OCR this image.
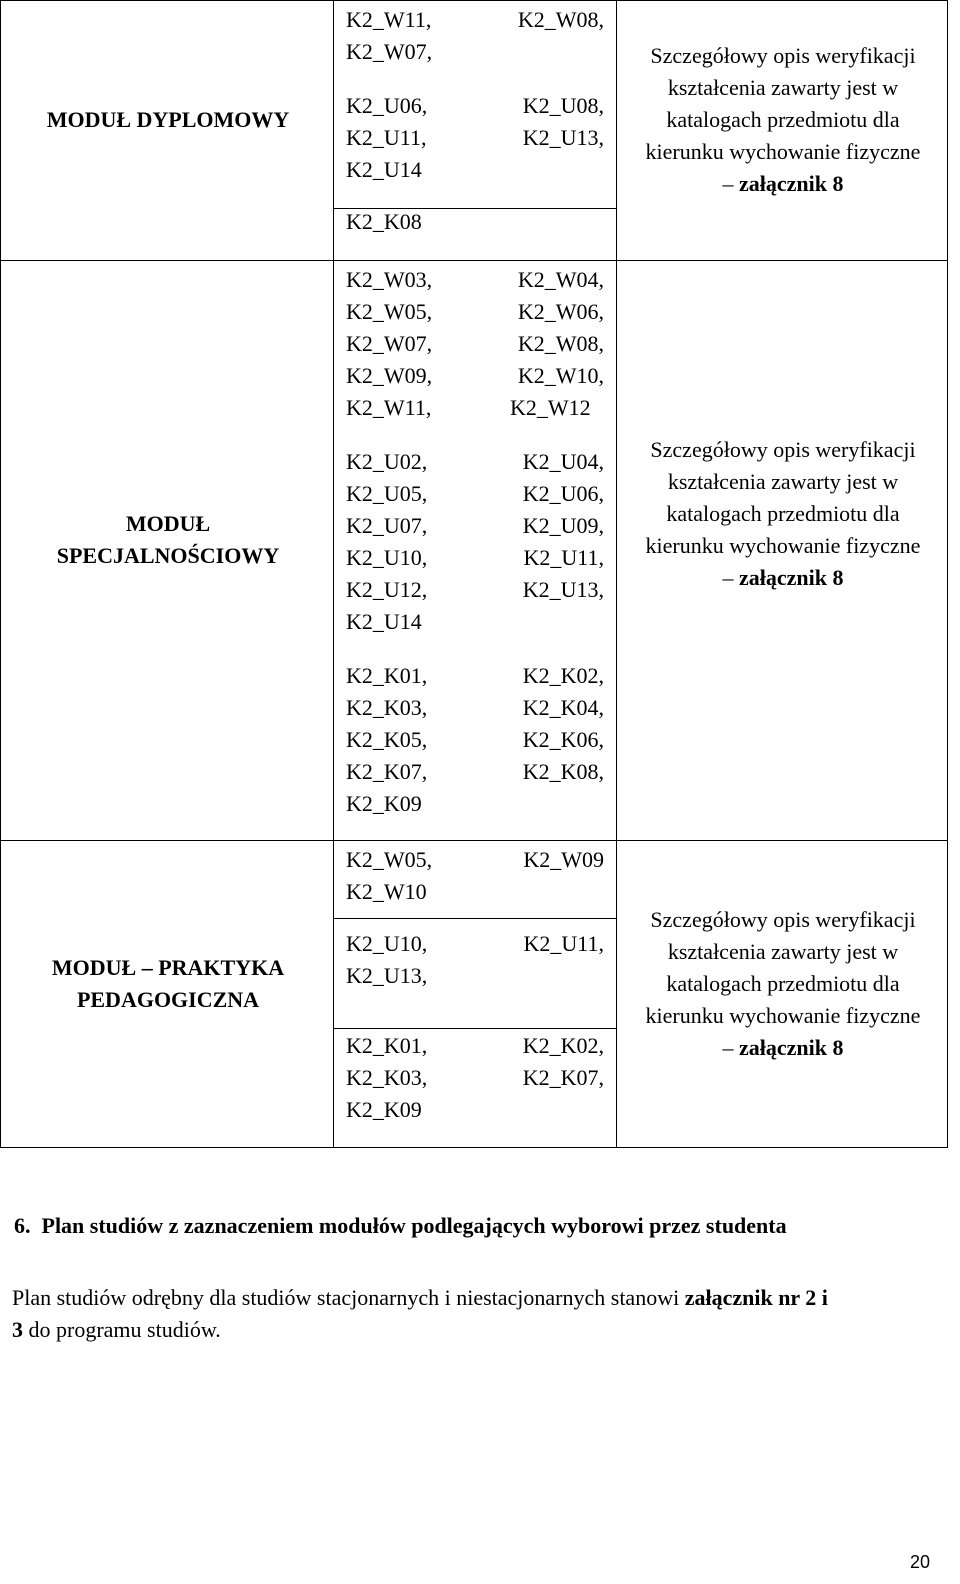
MODUŁ DYPLOMOWY
K2_W11,
K2_W07,
K2_W08,
K2_U06,
K2_U11,
K2_U14
K2_U08,
K2_U13,
K2_K08
Szczegółowy opis weryfikacji
kształcenia zawarty jest w
katalogach przedmiotu dla
kierunku wychowanie fizyczne
– załącznik 8
MODUŁ
SPECJALNOŚCIOWY
K2_W03,
K2_W05,
K2_W07,
K2_W09,
K2_W11,
K2_W04,
K2_W06,
K2_W08,
K2_W10,
K2_W12
K2_U02,
K2_U05,
K2_U07,
K2_U10,
K2_U12,
K2_U14
K2_U04,
K2_U06,
K2_U09,
K2_U11,
K2_U13,
K2_K01,
K2_K03,
K2_K05,
K2_K07,
K2_K09
K2_K02,
K2_K04,
K2_K06,
K2_K08,
Szczegółowy opis weryfikacji
kształcenia zawarty jest w
katalogach przedmiotu dla
kierunku wychowanie fizyczne
– załącznik 8
MODUŁ – PRAKTYKA
PEDAGOGICZNA
K2_W05,
K2_W10
K2_W09
K2_U10,
K2_U13,
K2_U11,
K2_K01,
K2_K03,
K2_K09
K2_K02,
K2_K07,
Szczegółowy opis weryfikacji
kształcenia zawarty jest w
katalogach przedmiotu dla
kierunku wychowanie fizyczne
– załącznik 8
6. Plan studiów z zaznaczeniem modułów podlegających wyborowi przez studenta
Plan studiów odrębny dla studiów stacjonarnych i niestacjonarnych stanowi załącznik nr 2 i
3 do programu studiów.
20
